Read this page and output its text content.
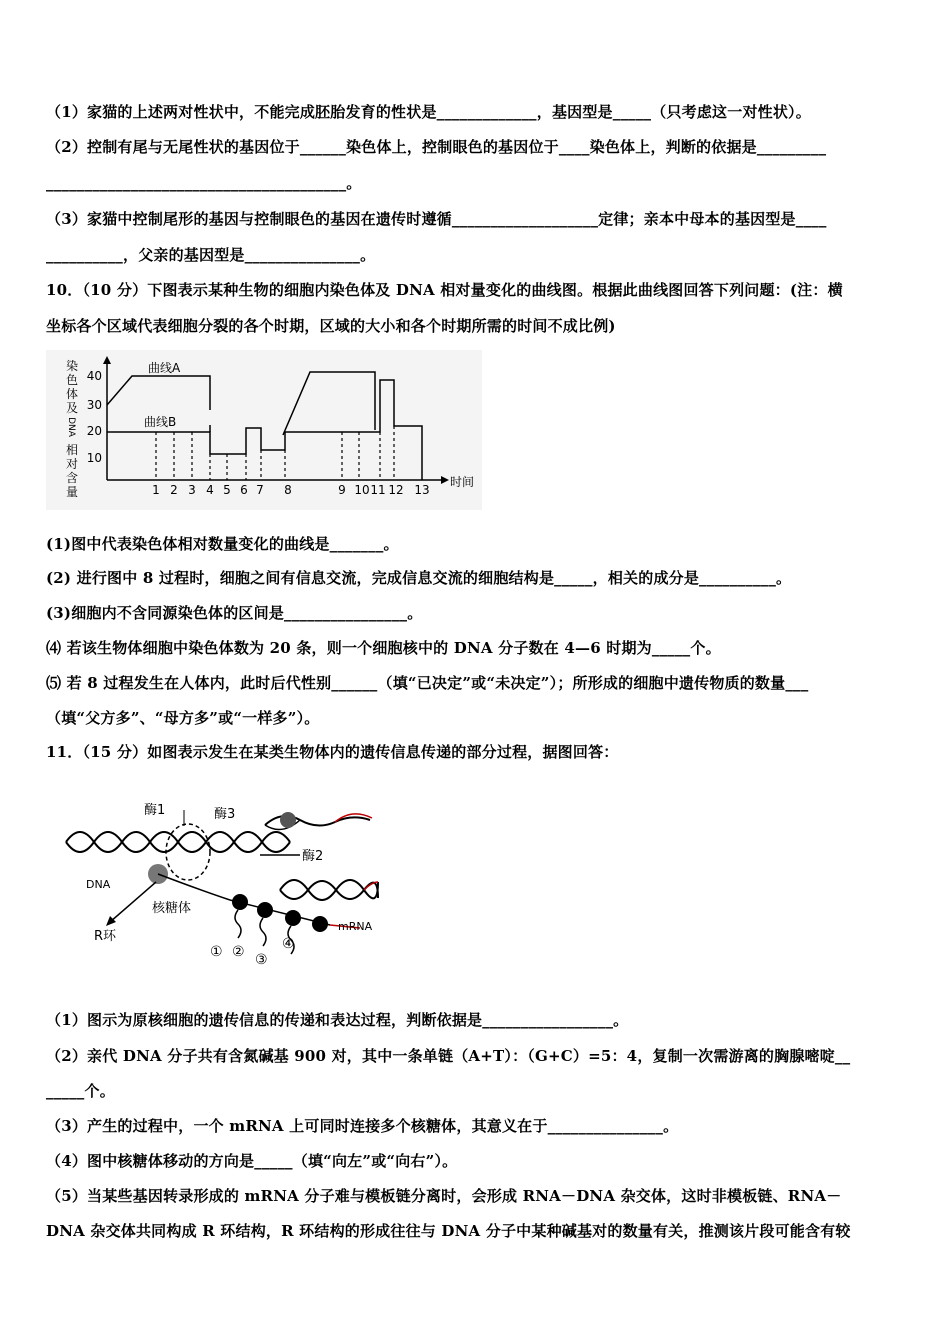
（1）家猫的上述两对性状中，不能完成胚胎发育的性状是_____________，基因型是_____（只考虑这一对性状）。
（2）控制有尾与无尾性状的基因位于______染色体上，控制眼色的基因位于____染色体上，判断的依据是_________
_______________________________________。
（3）家猫中控制尾形的基因与控制眼色的基因在遗传时遵循___________________定律；亲本中母本的基因型是____
__________，父亲的基因型是_______________。
10．（10 分）下图表示某种生物的细胞内染色体及 DNA 相对量变化的曲线图。根据此曲线图回答下列问题：(注：横
坐标各个区域代表细胞分裂的各个时期，区域的大小和各个时期所需的时间不成比例)
染
色
体
及
DNA
相
对
含
量
40
30
20
10
曲线A
曲线B
1 2 3 4 5 6 7 8	9 10 11 12 13
时间
(1)图中代表染色体相对数量变化的曲线是_______。
(2) 进行图中 8 过程时，细胞之间有信息交流，完成信息交流的细胞结构是_____，相关的成分是__________。
(3)细胞内不含同源染色体的区间是________________。
⑷ 若该生物体细胞中染色体数为 20 条，则一个细胞核中的 DNA 分子数在 4—6 时期为_____个。
⑸ 若 8 过程发生在人体内，此时后代性别______（填“已决定”或“未决定”）；所形成的细胞中遗传物质的数量___
（填“父方多”、“母方多”或“一样多”）。
11．（15 分）如图表示发生在某类生物体内的遗传信息传递的部分过程，据图回答：
酶1	酶3
酶2
DNA
核糖体
mRNA
R环
① ② ③
④
（1）图示为原核细胞的遗传信息的传递和表达过程，判断依据是_________________。
（2）亲代 DNA 分子共有含氮碱基 900 对，其中一条单链（A+T）：（G+C）=5：4，复制一次需游离的胸腺嘧啶__
_____个。
（3）产生的过程中，一个 mRNA 上可同时连接多个核糖体，其意义在于_______________。
（4）图中核糖体移动的方向是_____（填“向左”或“向右”）。
（5）当某些基因转录形成的 mRNA 分子难与模板链分离时，会形成 RNA－DNA 杂交体，这时非模板链、RNA－
DNA 杂交体共同构成 R 环结构，R 环结构的形成往往与 DNA 分子中某种碱基对的数量有关，推测该片段可能含有较
